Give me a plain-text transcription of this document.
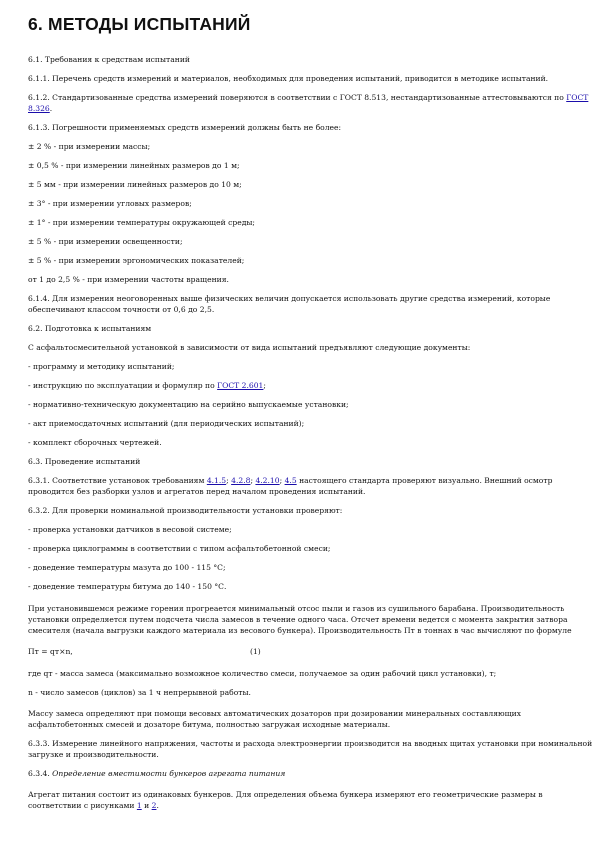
6. МЕТОДЫ ИСПЫТАНИЙ
6.1. Требования к средствам испытаний
6.1.1. Перечень средств измерений и материалов, необходимых для проведения испытаний, приводится в методике испытаний.
6.1.2. Стандартизованные средства измерений поверяются в соответствии с ГОСТ 8.513, нестандартизованные аттестовываются по ГОСТ
8.326.
6.1.3. Погрешности применяемых средств измерений должны быть не более:
± 2 % - при измерении массы;
± 0,5 % - при измерении линейных размеров до 1 м;
± 5 мм - при измерении линейных размеров до 10 м;
± 3° - при измерении угловых размеров;
± 1° - при измерении температуры окружающей среды;
± 5 % - при измерении освещенности;
± 5 % - при измерении эргономических показателей;
от 1 до 2,5 % - при измерении частоты вращения.
6.1.4. Для измерения неоговоренных выше физических величин допускается использовать другие средства измерений, которые
обеспечивают классом точности от 0,6 до 2,5.
6.2. Подготовка к испытаниям
С асфальтосмесительной установкой в зависимости от вида испытаний предъявляют следующие документы:
- программу и методику испытаний;
- инструкцию по эксплуатации и формуляр по ГОСТ 2.601;
- нормативно-техническую документацию на серийно выпускаемые установки;
- акт приемосдаточных испытаний (для периодических испытаний);
- комплект сборочных чертежей.
6.3. Проведение испытаний
6.3.1. Соответствие установок требованиям 4.1.5; 4.2.8; 4.2.10; 4.5 настоящего стандарта проверяют визуально. Внешний осмотр
проводится без разборки узлов и агрегатов перед началом проведения испытаний.
6.3.2. Для проверки номинальной производительности установки проверяют:
- проверка установки датчиков в весовой системе;
- проверка циклограммы в соответствии с типом асфальтобетонной смеси;
- доведение температуры мазута до 100 - 115 °С;
- доведение температуры битума до 140 - 150 °С.
При установившемся режиме горения прогреается минимальный отсос пыли и газов из сушильного барабана. Производительность
установки определяется путем подсчета числа замесов в течение одного часа. Отсчет времени ведется с момента закрытия затвора
смесителя (начала выгрузки каждого материала из весового бункера). Производительность Пт в тоннах в час вычисляют по формуле
Пт = qт×n,	(1)
где qт - масса замеса (максимально возможное количество смеси, получаемое за один рабочий цикл установки), т;
n - число замесов (циклов) за 1 ч непрерывной работы.
Массу замеса определяют при помощи весовых автоматических дозаторов при дозировании минеральных составляющих
асфальтобетонных смесей и дозаторе битума, полностью загружая исходные материалы.
6.3.3. Измерение линейного напряжения, частоты и расхода электроэнергии производится на вводных щитах установки при номинальной
загрузке и производительности.
6.3.4. Определение вместимости бункеров агрегата питания
Агрегат питания состоит из одинаковых бункеров. Для определения объема бункера измеряют его геометрические размеры в
соответствии с рисунками 1 и 2.
